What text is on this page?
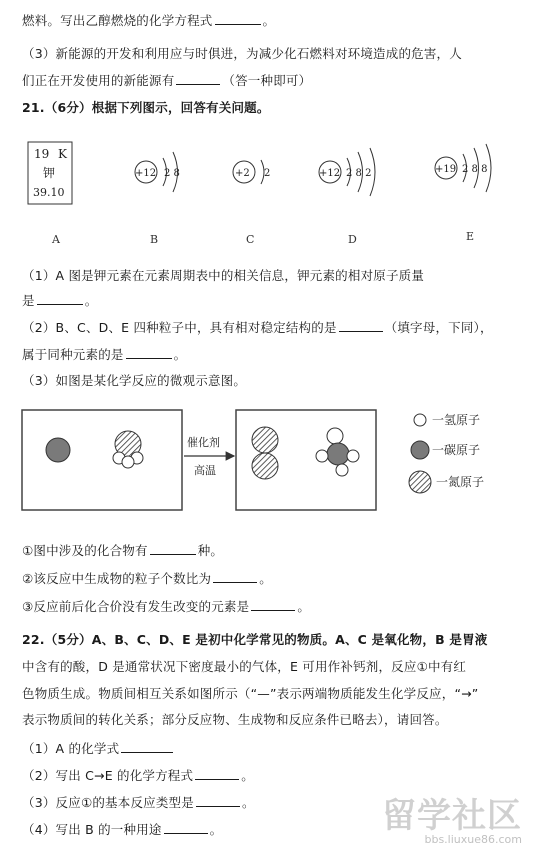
燃料。写出乙醇燃烧的化学方程式	。
（3）新能源的开发和利用应与时俱进，为减少化石燃料对环境造成的危害，人
们正在开发使用的新能源有	（答一种即可）
21.（6分）根据下列图示，回答有关问题。
19 K
钾
39.10
+12 2 8
B
+2 2
C
+12 2 8 2
D
+19 2 8 8
E
A
（1）A 图是钾元素在元素周期表中的相关信息，钾元素的相对原子质量
是	。
（2）B、C、D、E 四种粒子中，具有相对稳定结构的是	（填字母，下同），
属于同种元素的是	。
（3）如图是某化学反应的微观示意图。
催化剂
高温
一氢原子
一碳原子
一氮原子
①图中涉及的化合物有	种。
②该反应中生成物的粒子个数比为	。
③反应前后化合价没有发生改变的元素是	。
22.（5分）A、B、C、D、E 是初中化学常见的物质。A、C 是氧化物，B 是胃液
中含有的酸，D 是通常状况下密度最小的气体，E 可用作补钙剂，反应①中有红
色物质生成。物质间相互关系如图所示（“—”表示两端物质能发生化学反应，“→”
表示物质间的转化关系；部分反应物、生成物和反应条件已略去），请回答。
（1）A 的化学式
（2）写出 C→E 的化学方程式	。
（3）反应①的基本反应类型是	。
（4）写出 B 的一种用途	。	留学社区
bbs.liuxue86.com
